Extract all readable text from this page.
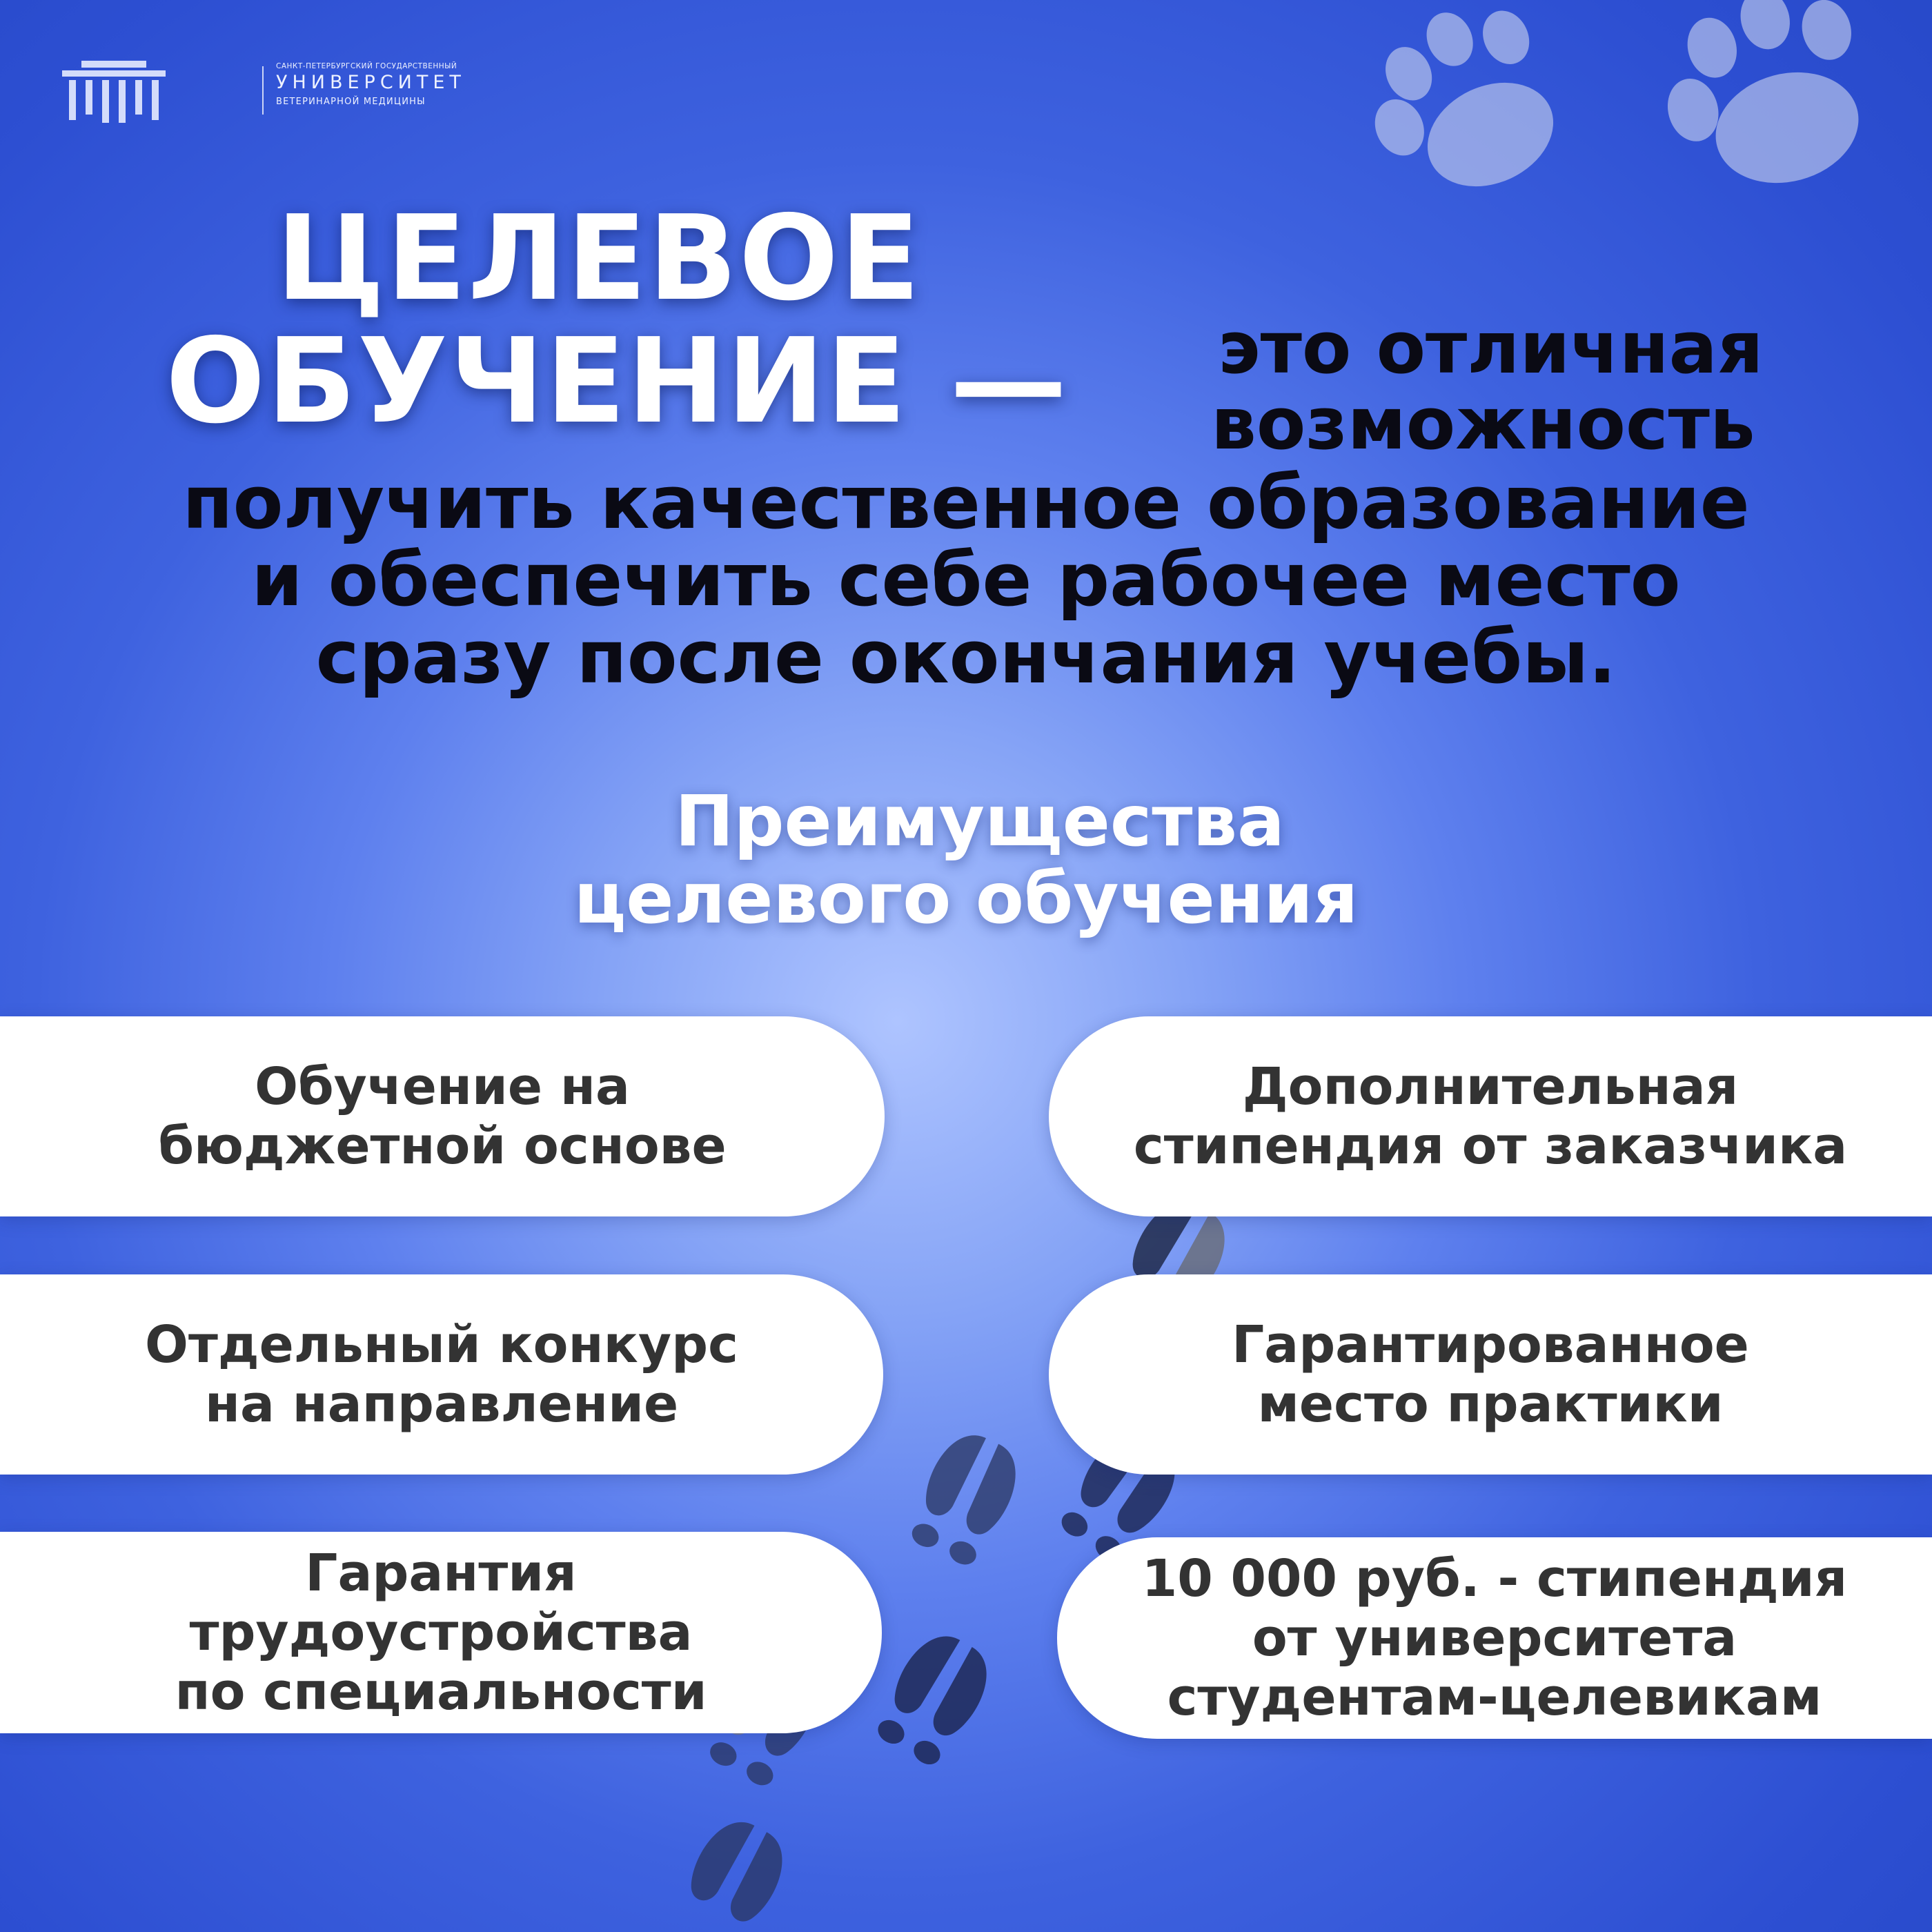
САНКТ-ПЕТЕРБУРГСКИЙ ГОСУДАРСТВЕННЫЙ
УНИВЕРСИТЕТ
ВЕТЕРИНАРНОЙ МЕДИЦИНЫ
ЦЕЛЕВОЕ
ОБУЧЕНИЕ — это отличная
возможность
получить качественное образование
и обеспечить себе рабочее место
сразу после окончания учебы.
Преимущества
целевого обучения
Обучение на
бюджетной основе
Отдельный конкурс
на направление
Гарантия
трудоустройства
по специальности
Дополнительная
стипендия от заказчика
Гарантированное
место практики
10 000 руб. - стипендия
от университета
студентам-целевикам
